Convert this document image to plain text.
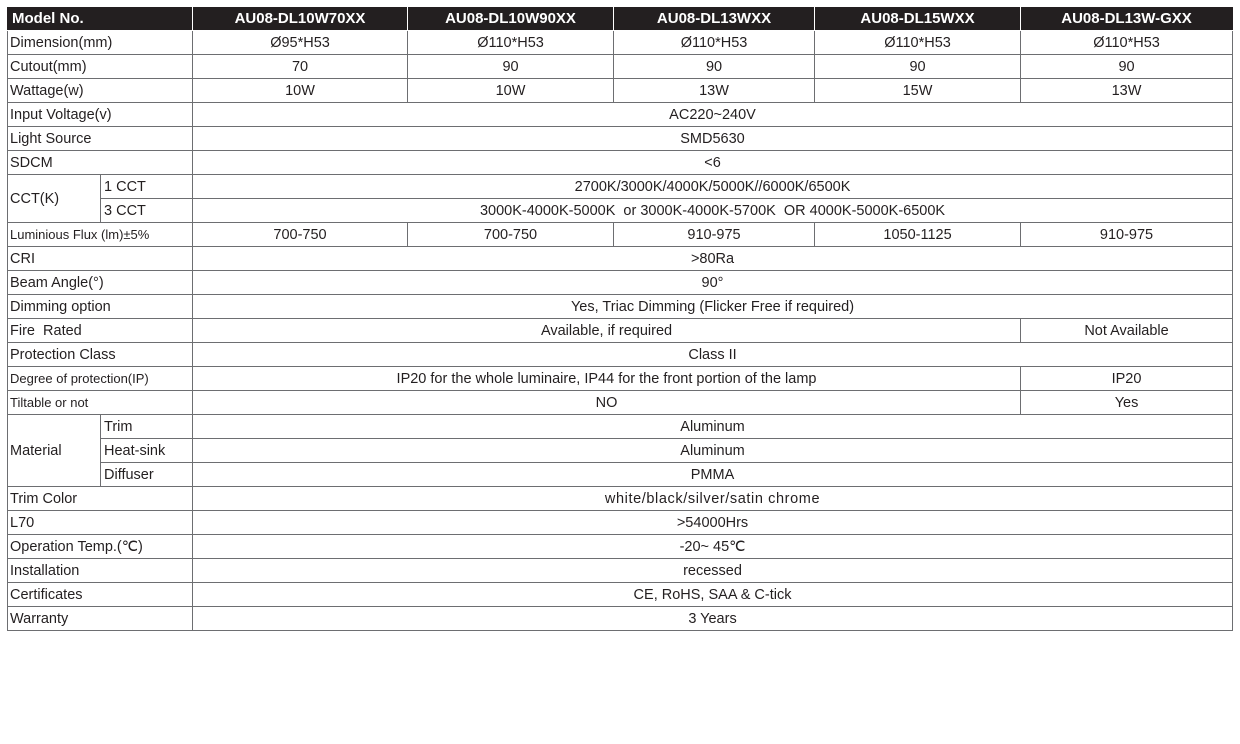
Model No.		AU08-DL10W70XX	AU08-DL10W90XX	AU08-DL13WXX	AU08-DL15WXX	AU08-DL13W-GXX
Dimension(mm)		Ø95*H53	Ø110*H53	Ø110*H53	Ø110*H53	Ø110*H53
Cutout(mm)		70	90	90	90	90
Wattage(w)		10W	10W	13W	15W	13W
Input Voltage(v)		AC220~240V				
Light Source		SMD5630				
SDCM		<6				
CCT(K)	1 CCT	2700K/3000K/4000K/5000K//6000K/6500K				
	3 CCT	3000K-4000K-5000K  or 3000K-4000K-5700K  OR 4000K-5000K-6500K				
Luminious Flux (lm)±5%		700-750	700-750	910-975	1050-1125	910-975
CRI		>80Ra				
Beam Angle(°)		90°				
Dimming option		Yes, Triac Dimming (Flicker Free if required)				
Fire  Rated		Available, if required				Not Available
Protection Class		Class II				
Degree of protection(IP)		IP20 for the whole luminaire, IP44 for the front portion of the lamp				IP20
Tiltable or not		NO				Yes
Material	Trim	Aluminum				
	Heat-sink	Aluminum				
	Diffuser	PMMA				
Trim Color		white/black/silver/satin chrome				
L70		>54000Hrs				
Operation Temp.(℃)		-20~ 45℃				
Installation		recessed				
Certificates		CE, RoHS, SAA & C-tick				
Warranty		3 Years				
